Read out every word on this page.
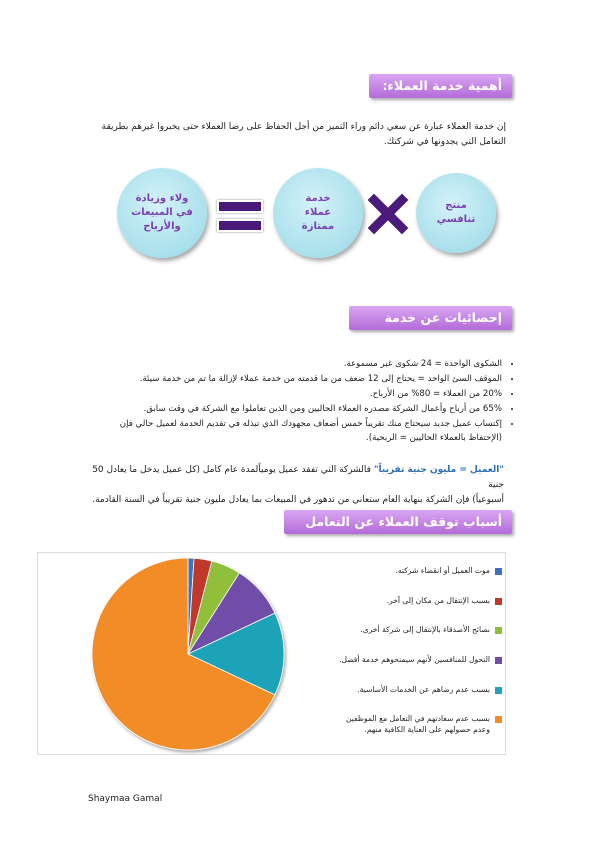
أهمية خدمة العملاء:
إن خدمة العملاء عبارة عن سعي دائم وراء التميز من أجل الحفاظ على رضا العملاء حتى يخبروا غيرهم بطريقة
التعامل التي يجدونها في شركتك.
ولاء وزيادة
في المبيعات
والأرباح
خدمة
عملاء
ممتازة
منتج
تنافسي
إحصائيات عن خدمة العملاء:
• الشكوى الواحدة = 24 شكوى غير مسموعة.
• الموقف السئ الواحد = يحتاج إلى 12 ضعف من ما قدمته من خدمة عملاء لإزالة ما تم من خدمة سيئة.
• 20% من العملاء = 80% من الأرباح.
• 65% من أرباح وأعمال الشركة مصدره العملاء الحاليين ومن الذين تعاملوا مع الشركة في وقت سابق.
• إكتساب عميل جديد سيحتاج منك تقريباً خمس أضعاف مجهودك الذي تبذله في تقديم الخدمة لعميل حالي فإن
(الإحتفاظ بالعملاء الحاليين = الربحية).
"العميل = مليون جنية تقريباً" فالشركة التي تفقد عميل يومياًلمدة عام كامل (كل عميل يدخل ما يعادل 50 جنية
أسبوعياً) فإن الشركة بنهاية العام ستعاني من تدهور في المبيعات بما يعادل مليون جنية تقريباً في السنة القادمة.
أسباب توقف العملاء عن التعامل مع الشركة:
موت العميل أو انقضاء شركته.
بسبب الإنتقال من مكان إلى آخر.
نصائح الأصدقاء بالإنتقال إلى شركة أخرى.
التحول للمنافسين لأنهم سيمنحوهم خدمة أفضل.
بسبب عدم رضاهم عن الخدمات الأساسية.
بسبب عدم سعادتهم في التعامل مع الموظفين وعدم حصولهم على العناية الكافية منهم.
Shaymaa Gamal
